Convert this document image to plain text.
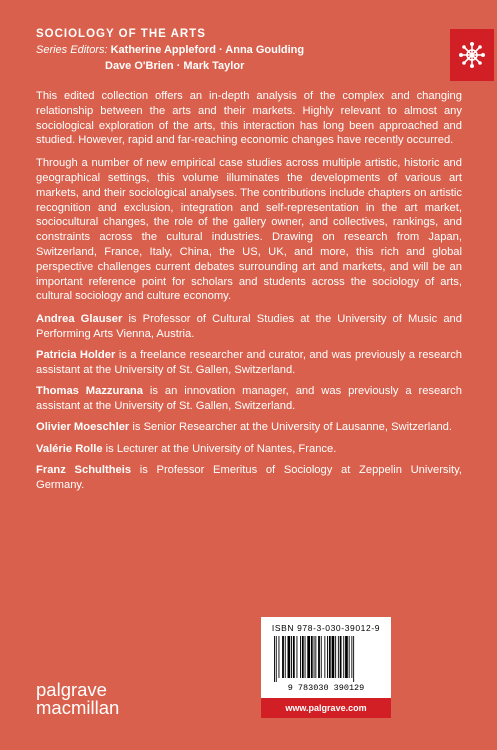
SOCIOLOGY OF THE ARTS
Series Editors: Katherine Appleford · Anna Goulding
Dave O'Brien · Mark Taylor

This edited collection offers an in-depth analysis of the complex and changing relationship between the arts and their markets. Highly relevant to almost any sociological exploration of the arts, this interaction has long been approached and studied. However, rapid and far-reaching economic changes have recently occurred.

Through a number of new empirical case studies across multiple artistic, historic and geographical settings, this volume illuminates the developments of various art markets, and their sociological analyses. The contributions include chapters on artistic recognition and exclusion, integration and self-representation in the art market, sociocultural changes, the role of the gallery owner, and collectives, rankings, and constraints across the cultural industries. Drawing on research from Japan, Switzerland, France, Italy, China, the US, UK, and more, this rich and global perspective challenges current debates surrounding art and markets, and will be an important reference point for scholars and students across the sociology of arts, cultural sociology and culture economy.

Andrea Glauser is Professor of Cultural Studies at the University of Music and Performing Arts Vienna, Austria.

Patricia Holder is a freelance researcher and curator, and was previously a research assistant at the University of St. Gallen, Switzerland.

Thomas Mazzurana is an innovation manager, and was previously a research assistant at the University of St. Gallen, Switzerland.

Olivier Moeschler is Senior Researcher at the University of Lausanne, Switzerland.

Valérie Rolle is Lecturer at the University of Nantes, France.

Franz Schultheis is Professor Emeritus of Sociology at Zeppelin University, Germany.

ISBN 978-3-030-39012-9
9 783030 390129
www.palgrave.com
palgrave
macmillan
